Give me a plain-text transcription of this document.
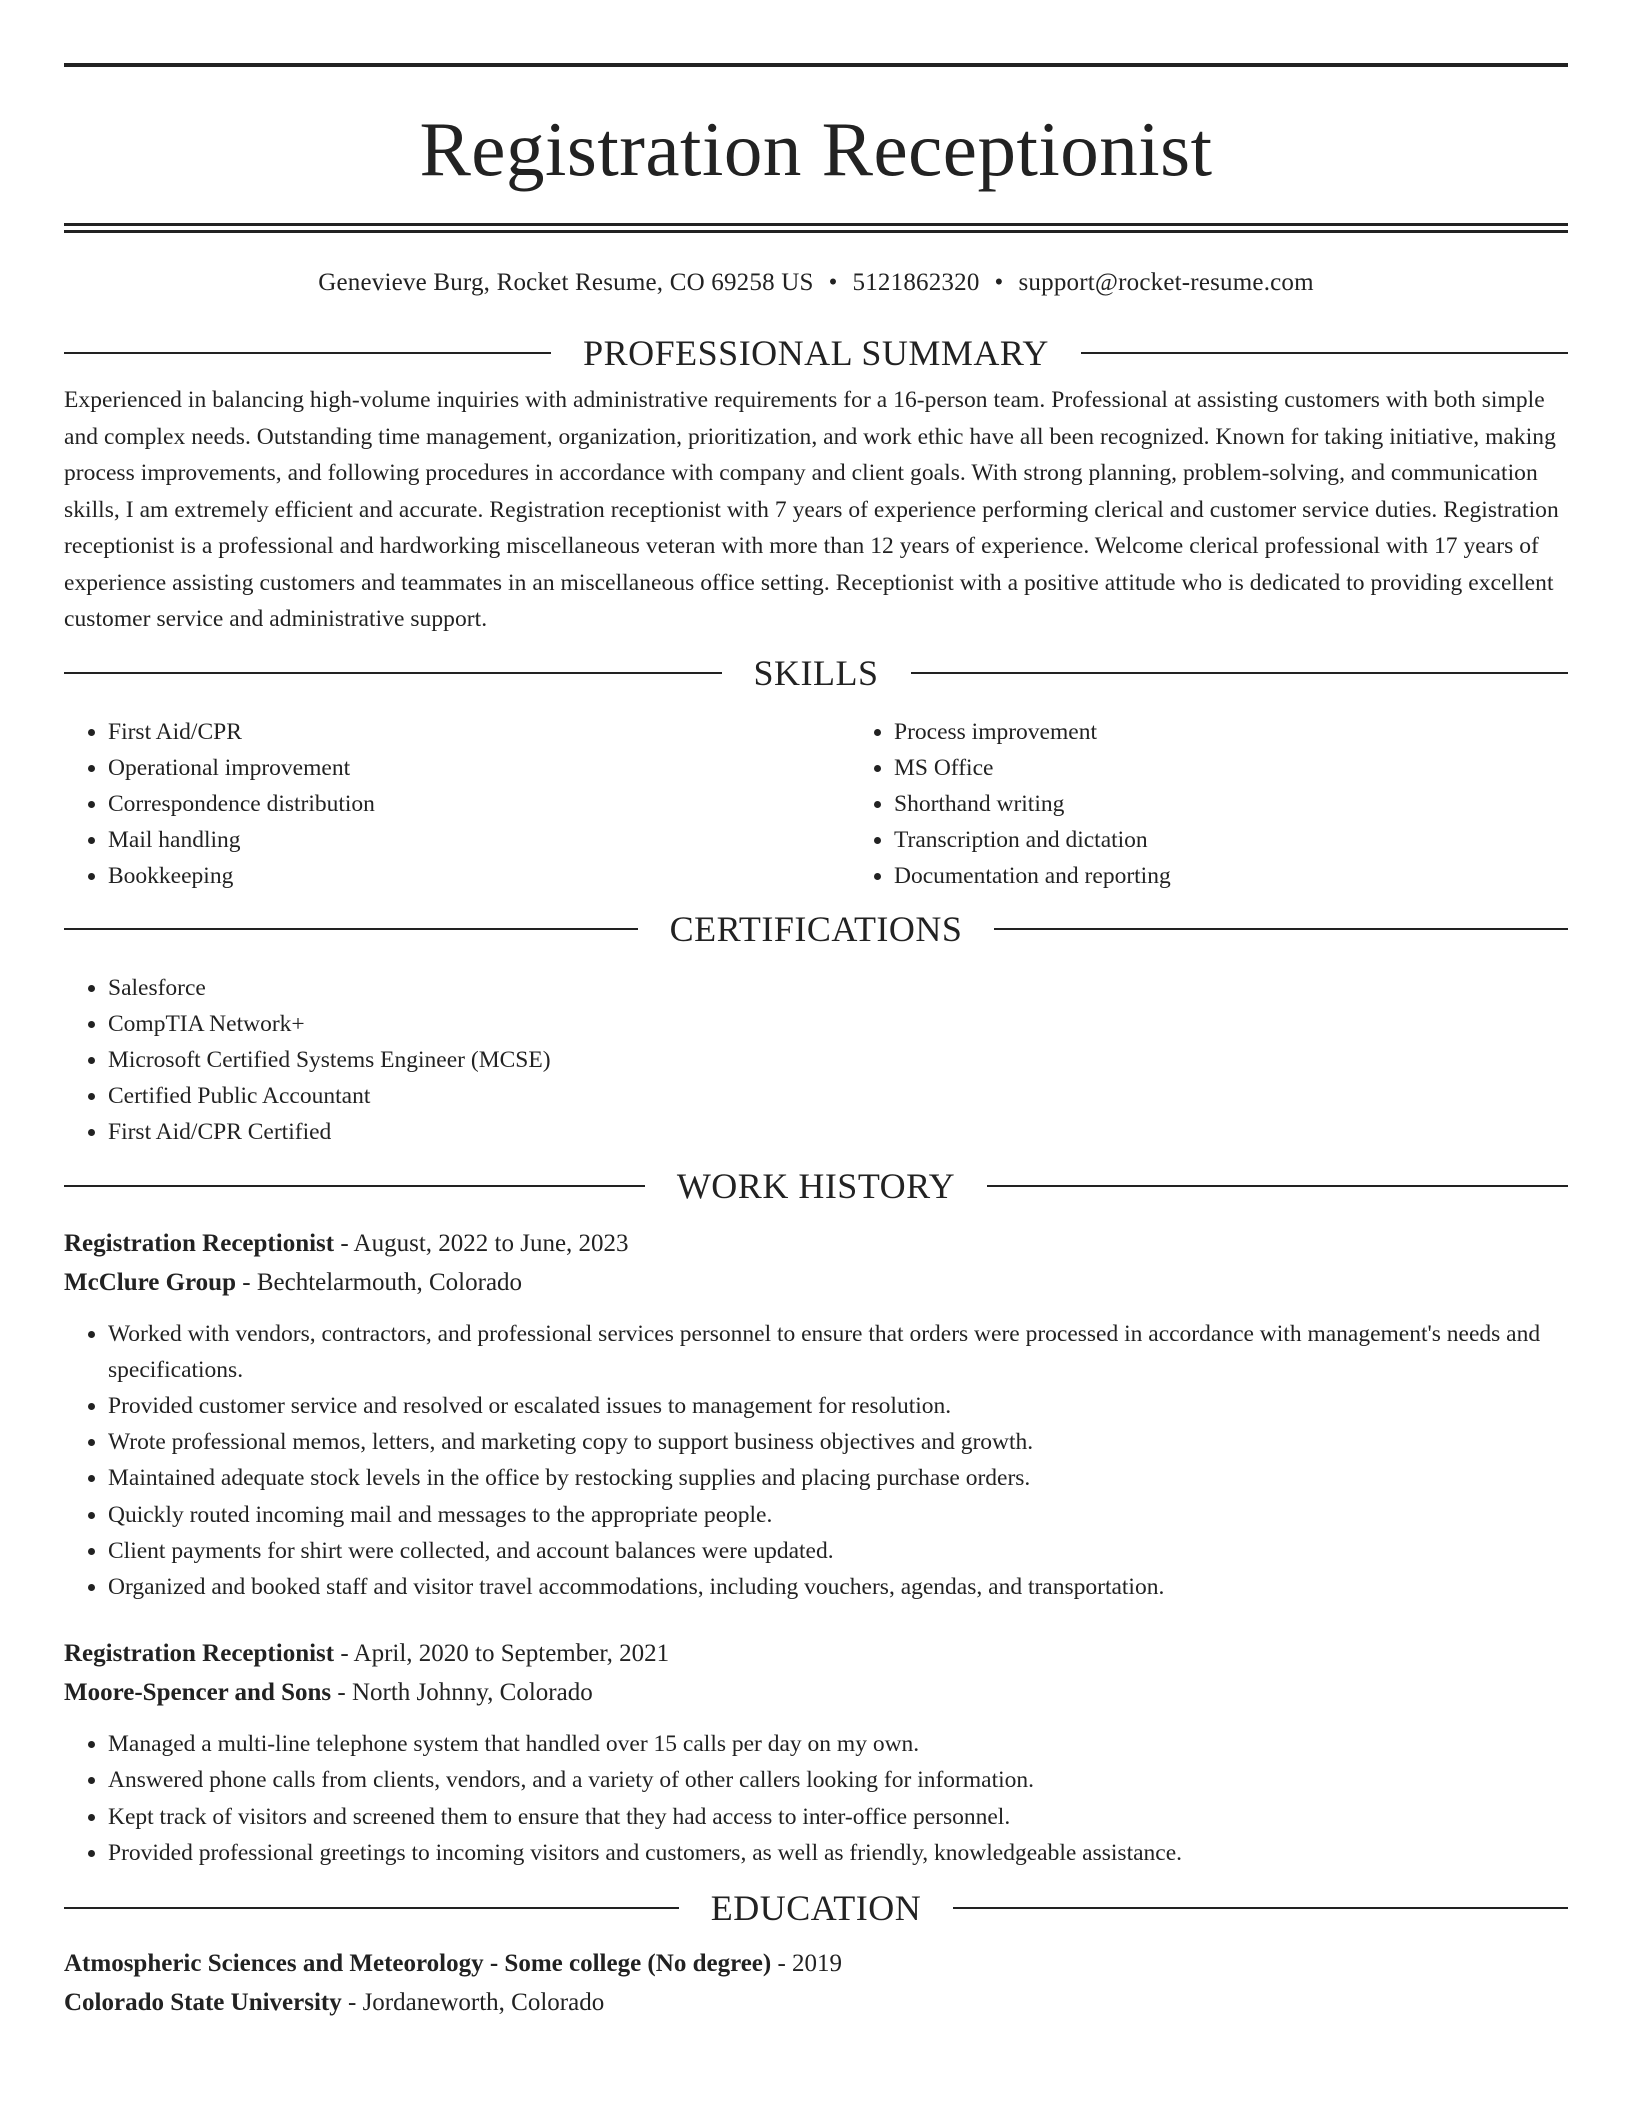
Registration Receptionist
Genevieve Burg, Rocket Resume, CO 69258 US • 5121862320 • support@rocket-resume.com
PROFESSIONAL SUMMARY

Experienced in balancing high-volume inquiries with administrative requirements for a 16-person team. Professional at assisting customers with both simple and complex needs. Outstanding time management, organization, prioritization, and work ethic have all been recognized. Known for taking initiative, making process improvements, and following procedures in accordance with company and client goals. With strong planning, problem-solving, and communication skills, I am extremely efficient and accurate. Registration receptionist with 7 years of experience performing clerical and customer service duties. Registration receptionist is a professional and hardworking miscellaneous veteran with more than 12 years of experience. Welcome clerical professional with 17 years of experience assisting customers and teammates in an miscellaneous office setting. Receptionist with a positive attitude who is dedicated to providing excellent customer service and administrative support.

SKILLS
• First Aid/CPR
• Operational improvement
• Correspondence distribution
• Mail handling
• Bookkeeping
• Process improvement
• MS Office
• Shorthand writing
• Transcription and dictation
• Documentation and reporting
CERTIFICATIONS
• Salesforce
• CompTIA Network+
• Microsoft Certified Systems Engineer (MCSE)
• Certified Public Accountant
• First Aid/CPR Certified
WORK HISTORY
Registration Receptionist - August, 2022 to June, 2023
McClure Group - Bechtelarmouth, Colorado
• Worked with vendors, contractors, and professional services personnel to ensure that orders were processed in accordance with management's needs and specifications.
• Provided customer service and resolved or escalated issues to management for resolution.
• Wrote professional memos, letters, and marketing copy to support business objectives and growth.
• Maintained adequate stock levels in the office by restocking supplies and placing purchase orders.
• Quickly routed incoming mail and messages to the appropriate people.
• Client payments for shirt were collected, and account balances were updated.
• Organized and booked staff and visitor travel accommodations, including vouchers, agendas, and transportation.
Registration Receptionist - April, 2020 to September, 2021
Moore-Spencer and Sons - North Johnny, Colorado
• Managed a multi-line telephone system that handled over 15 calls per day on my own.
• Answered phone calls from clients, vendors, and a variety of other callers looking for information.
• Kept track of visitors and screened them to ensure that they had access to inter-office personnel.
• Provided professional greetings to incoming visitors and customers, as well as friendly, knowledgeable assistance.
EDUCATION
Atmospheric Sciences and Meteorology - Some college (No degree) - 2019
Colorado State University - Jordaneworth, Colorado
